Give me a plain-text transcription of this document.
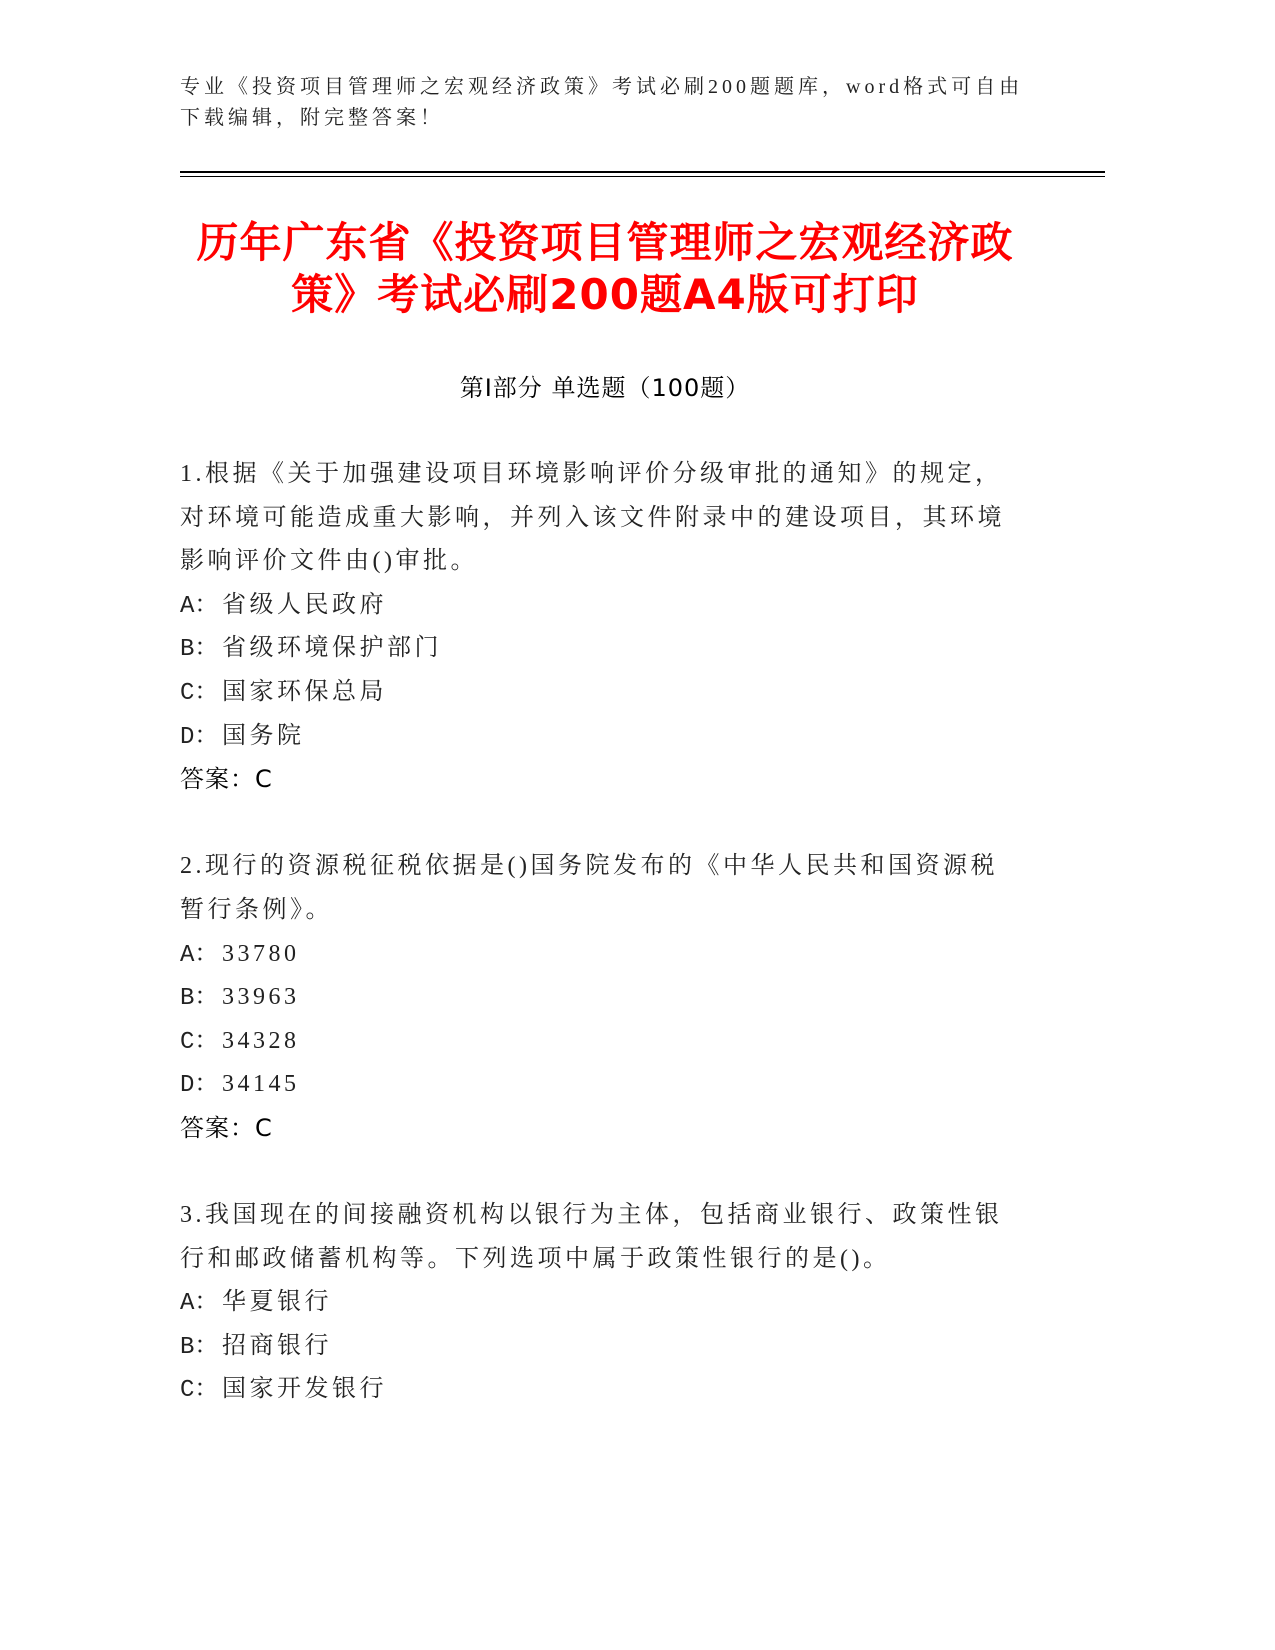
专业《投资项目管理师之宏观经济政策》考试必刷200题题库，word格式可自由
下载编辑，附完整答案！
历年广东省《投资项目管理师之宏观经济政
策》考试必刷200题A4版可打印
第Ⅰ部分 单选题（100题）
1.根据《关于加强建设项目环境影响评价分级审批的通知》的规定，
对环境可能造成重大影响，并列入该文件附录中的建设项目，其环境
影响评价文件由()审批。
A： 省级人民政府
B： 省级环境保护部门
C： 国家环保总局
D： 国务院
答案：C
2.现行的资源税征税依据是()国务院发布的《中华人民共和国资源税
暂行条例》。
A： 33780
B： 33963
C： 34328
D： 34145
答案：C
3.我国现在的间接融资机构以银行为主体，包括商业银行、政策性银
行和邮政储蓄机构等。下列选项中属于政策性银行的是()。
A： 华夏银行
B： 招商银行
C： 国家开发银行
